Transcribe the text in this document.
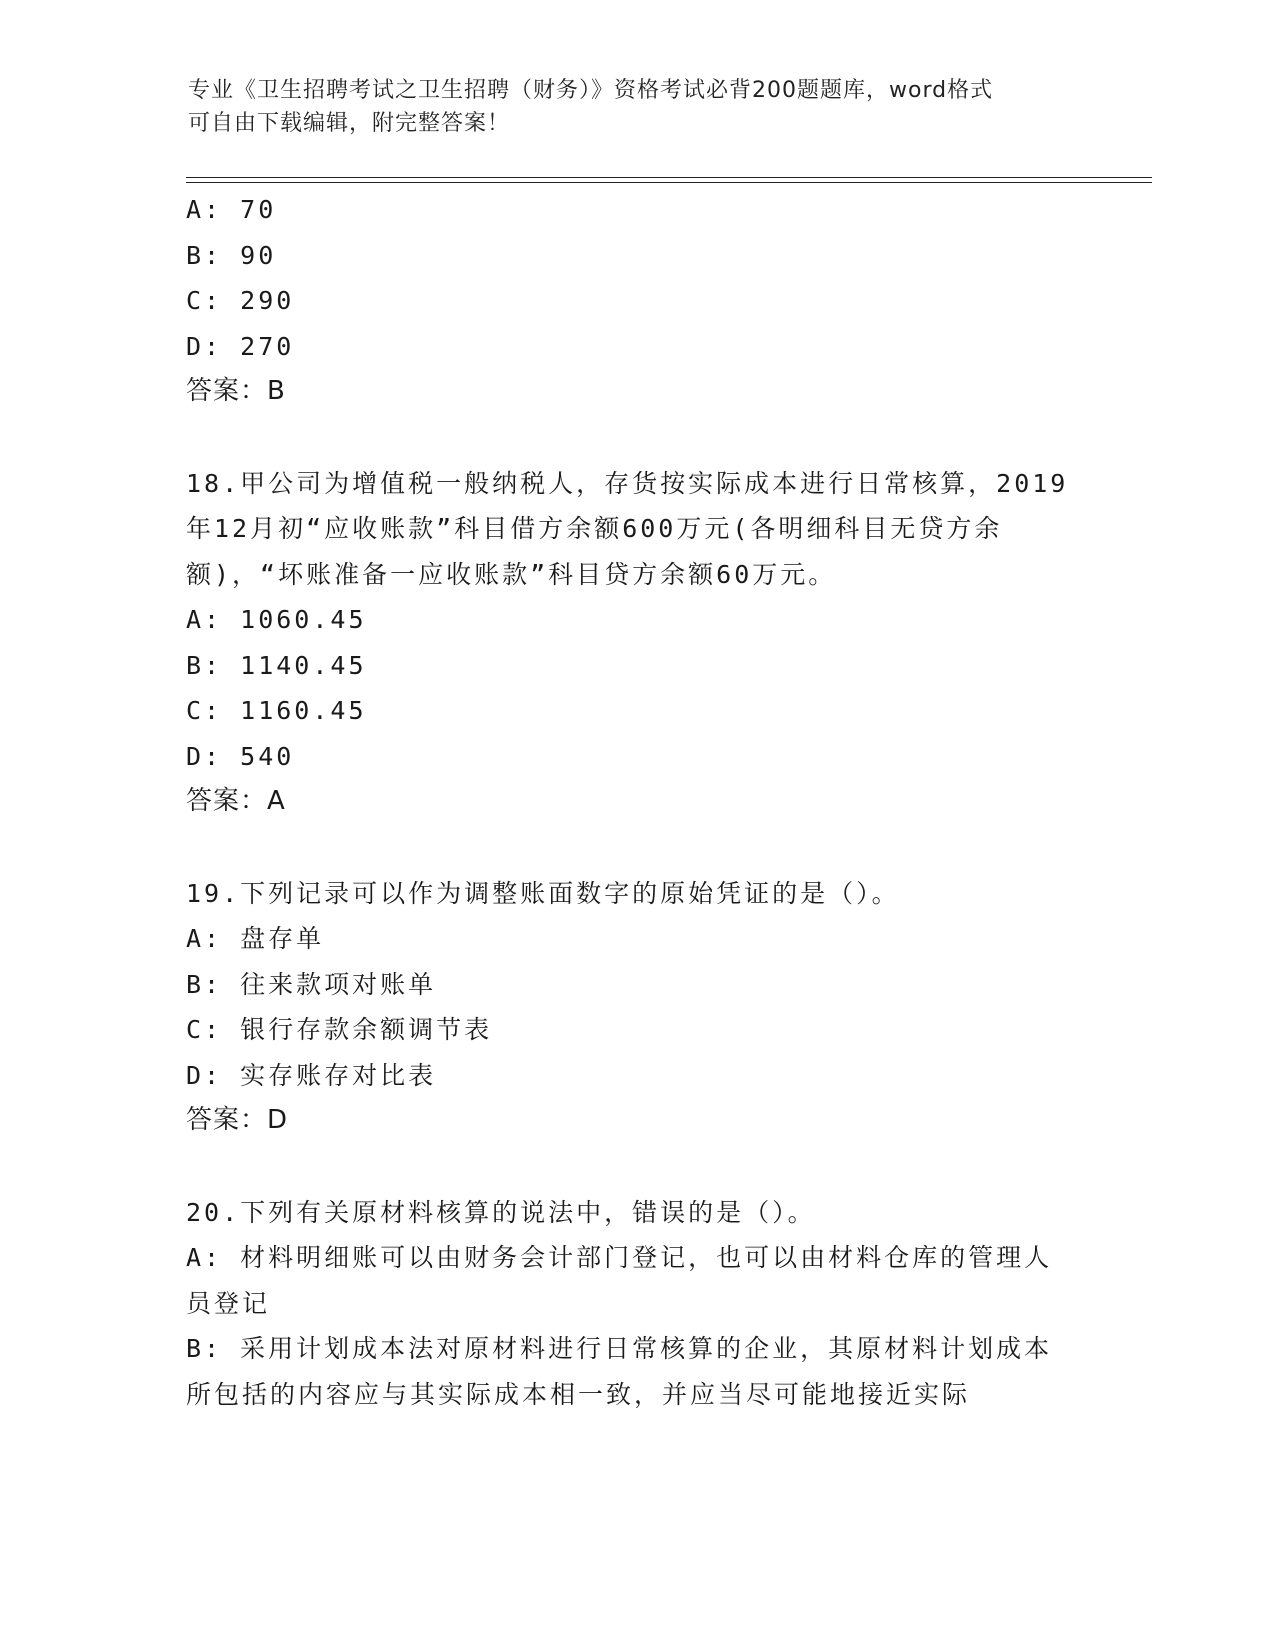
专业《卫生招聘考试之卫生招聘（财务）》资格考试必背200题题库，word格式
可自由下载编辑，附完整答案！
A: 70
B: 90
C: 290
D: 270
答案：B
18.甲公司为增值税一般纳税人，存货按实际成本进行日常核算，2019
年12月初“应收账款”科目借方余额600万元(各明细科目无贷方余
额)，“坏账准备一应收账款”科目贷方余额60万元。
A: 1060.45
B: 1140.45
C: 1160.45
D: 540
答案：A
19.下列记录可以作为调整账面数字的原始凭证的是（）。
A: 盘存单
B: 往来款项对账单
C: 银行存款余额调节表
D: 实存账存对比表
答案：D
20.下列有关原材料核算的说法中，错误的是（）。
A: 材料明细账可以由财务会计部门登记，也可以由材料仓库的管理人
员登记
B: 采用计划成本法对原材料进行日常核算的企业，其原材料计划成本
所包括的内容应与其实际成本相一致，并应当尽可能地接近实际
